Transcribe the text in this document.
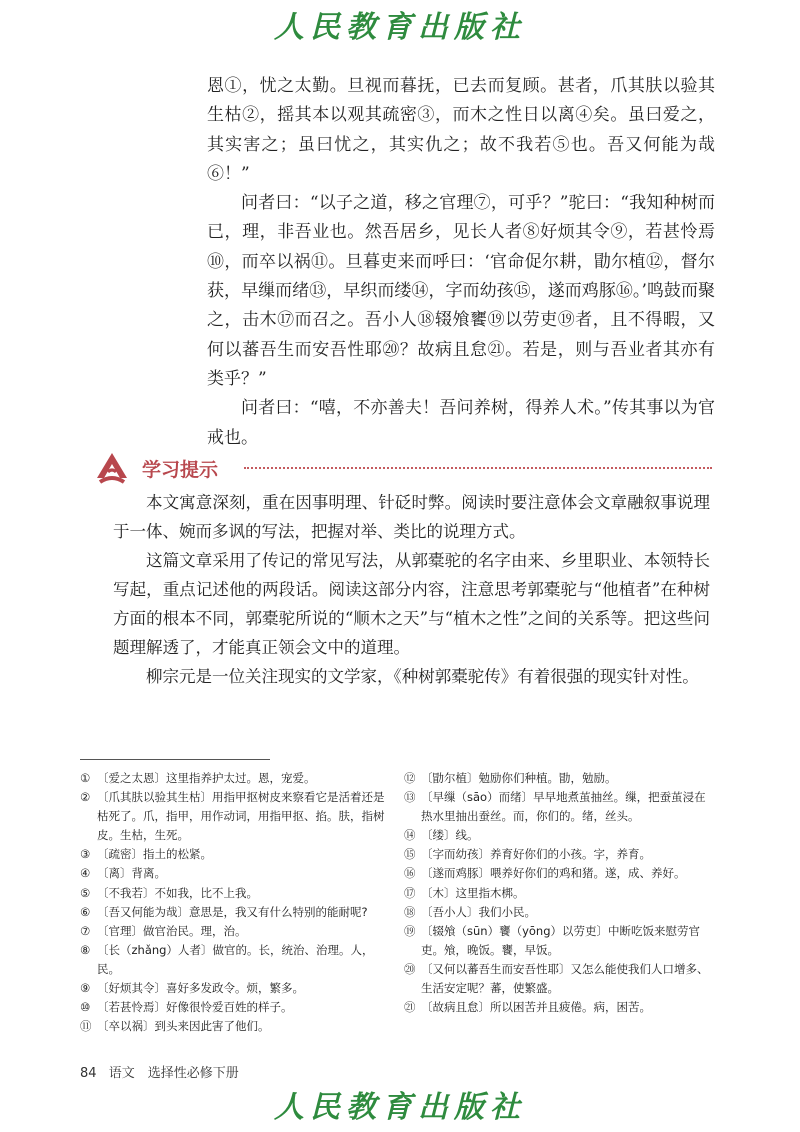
人民教育出版社

恩①，忧之太勤。旦视而暮抚，已去而复顾。甚者，爪其肤以验其生枯②，摇其本以观其疏密③，而木之性日以离④矣。虽曰爱之，其实害之；虽曰忧之，其实仇之；故不我若⑤也。吾又何能为哉⑥！”

问者曰：“以子之道，移之官理⑦，可乎？”驼曰：“我知种树而已，理，非吾业也。然吾居乡，见长人者⑧好烦其令⑨，若甚怜焉⑩，而卒以祸⑪。旦暮吏来而呼曰：‘官命促尔耕，勖尔植⑫，督尔获，早缫而绪⑬，早织而缕⑭，字而幼孩⑮，遂而鸡豚⑯。’鸣鼓而聚之，击木⑰而召之。吾小人⑱辍飧饔⑲以劳吏⑲者，且不得暇，又何以蕃吾生而安吾性耶⑳？故病且怠㉑。若是，则与吾业者其亦有类乎？”

问者曰：“嘻，不亦善夫！吾问养树，得养人术。”传其事以为官戒也。

学习提示

本文寓意深刻，重在因事明理、针砭时弊。阅读时要注意体会文章融叙事说理于一体、婉而多讽的写法，把握对举、类比的说理方式。

这篇文章采用了传记的常见写法，从郭橐驼的名字由来、乡里职业、本领特长写起，重点记述他的两段话。阅读这部分内容，注意思考郭橐驼与“他植者”在种树方面的根本不同，郭橐驼所说的“顺木之天”与“植木之性”之间的关系等。把这些问题理解透了，才能真正领会文中的道理。

柳宗元是一位关注现实的文学家，《种树郭橐驼传》有着很强的现实针对性。

① 〔爱之太恩〕这里指养护太过。恩，宠爱。
② 〔爪其肤以验其生枯〕用指甲抠树皮来察看它是活着还是枯死了。爪，指甲，用作动词，用指甲抠、掐。肤，指树皮。生枯，生死。
③ 〔疏密〕指土的松紧。
④ 〔离〕背离。
⑤ 〔不我若〕不如我，比不上我。
⑥ 〔吾又何能为哉〕意思是，我又有什么特别的能耐呢?
⑦ 〔官理〕做官治民。理，治。
⑧ 〔长（zhǎng）人者〕做官的。长，统治、治理。人，民。
⑨ 〔好烦其令〕喜好多发政令。烦，繁多。
⑩ 〔若甚怜焉〕好像很怜爱百姓的样子。
⑪ 〔卒以祸〕到头来因此害了他们。
⑫ 〔勖尔植〕勉励你们种植。勖，勉励。
⑬ 〔早缫（sāo）而绪〕早早地煮茧抽丝。缫，把蚕茧浸在热水里抽出蚕丝。而，你们的。绪，丝头。
⑭ 〔缕〕线。
⑮ 〔字而幼孩〕养育好你们的小孩。字，养育。
⑯ 〔遂而鸡豚〕喂养好你们的鸡和猪。遂，成、养好。
⑰ 〔木〕这里指木梆。
⑱ 〔吾小人〕我们小民。
⑲ 〔辍飧（sūn）饔（yōng）以劳吏〕中断吃饭来慰劳官吏。飧，晚饭。饔，早饭。
⑳ 〔又何以蕃吾生而安吾性耶〕又怎么能使我们人口增多、生活安定呢？蕃，使繁盛。
㉑ 〔故病且怠〕所以困苦并且疲倦。病，困苦。
84 语文　选择性必修下册
人民教育出版社
